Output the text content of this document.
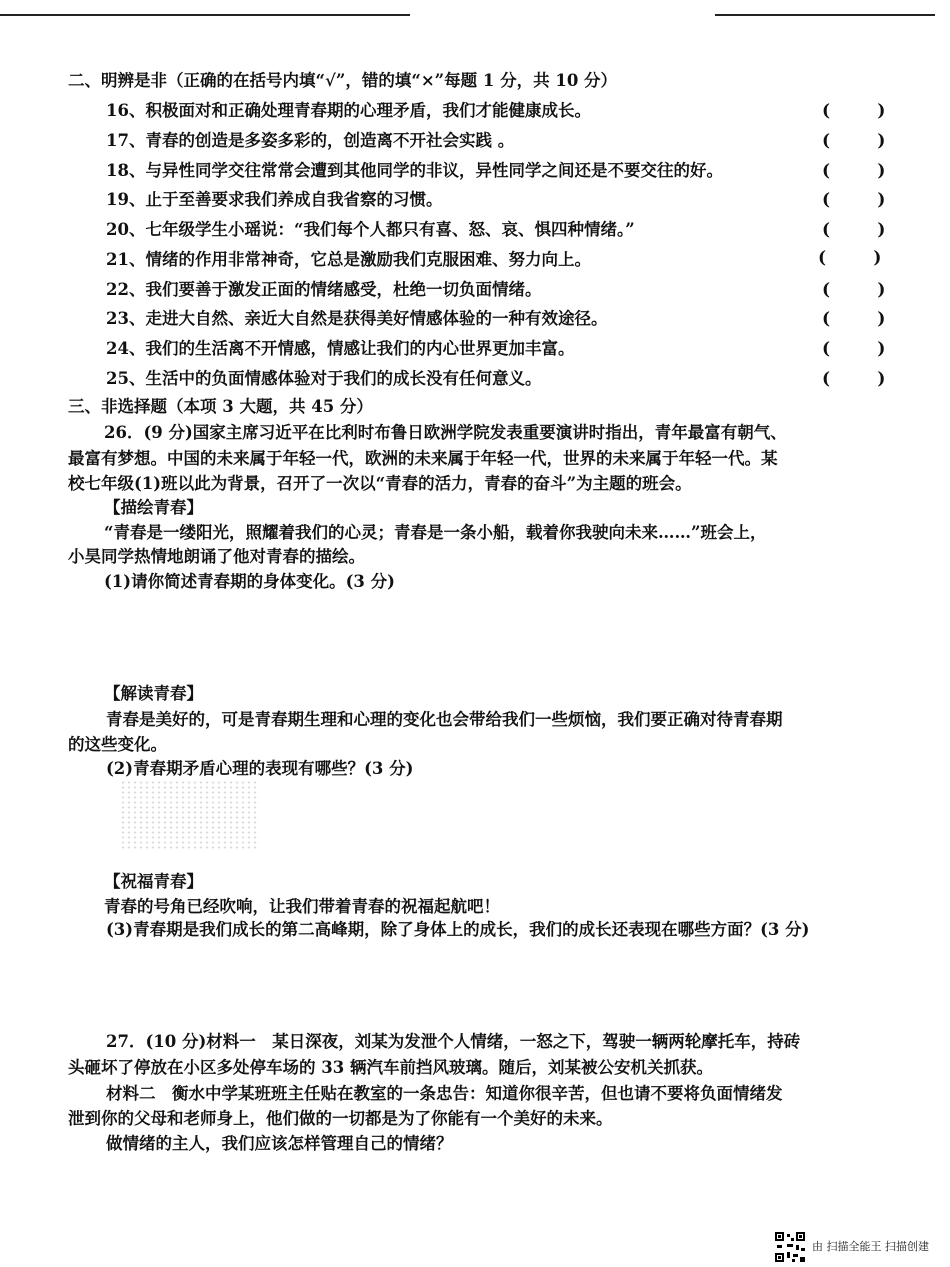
二、明辨是非（正确的在括号内填“√”，错的填“×”每题 1 分，共 10 分）
16、积极面对和正确处理青春期的心理矛盾，我们才能健康成长。	(        )
17、青春的创造是多姿多彩的，创造离不开社会实践 。	(        )
18、与异性同学交往常常会遭到其他同学的非议，异性同学之间还是不要交往的好。	(        )
19、止于至善要求我们养成自我省察的习惯。	(        )
20、七年级学生小瑶说：“我们每个人都只有喜、怒、哀、惧四种情绪。”	(        )
21、情绪的作用非常神奇，它总是激励我们克服困难、努力向上。	(        )
22、我们要善于激发正面的情绪感受，杜绝一切负面情绪。	(        )
23、走进大自然、亲近大自然是获得美好情感体验的一种有效途径。	(        )
24、我们的生活离不开情感，情感让我们的内心世界更加丰富。	(        )
25、生活中的负面情感体验对于我们的成长没有任何意义。	(        )
三、非选择题（本项 3 大题，共 45 分）
26．(9 分)国家主席习近平在比利时布鲁日欧洲学院发表重要演讲时指出，青年最富有朝气、
最富有梦想。中国的未来属于年轻一代，欧洲的未来属于年轻一代，世界的未来属于年轻一代。某
校七年级(1)班以此为背景，召开了一次以“青春的活力，青春的奋斗”为主题的班会。
【描绘青春】
“青春是一缕阳光，照耀着我们的心灵；青春是一条小船，载着你我驶向未来……”班会上，
小昊同学热情地朗诵了他对青春的描绘。
(1)请你简述青春期的身体变化。(3 分)
【解读青春】
青春是美好的，可是青春期生理和心理的变化也会带给我们一些烦恼，我们要正确对待青春期
的这些变化。
(2)青春期矛盾心理的表现有哪些？(3 分)
【祝福青春】
青春的号角已经吹响，让我们带着青春的祝福起航吧！
(3)青春期是我们成长的第二高峰期，除了身体上的成长，我们的成长还表现在哪些方面？(3 分)
27．(10 分)材料一　某日深夜，刘某为发泄个人情绪，一怒之下，驾驶一辆两轮摩托车，持砖
头砸坏了停放在小区多处停车场的 33 辆汽车前挡风玻璃。随后，刘某被公安机关抓获。
材料二　衡水中学某班班主任贴在教室的一条忠告：知道你很辛苦，但也请不要将负面情绪发
泄到你的父母和老师身上，他们做的一切都是为了你能有一个美好的未来。
做情绪的主人，我们应该怎样管理自己的情绪？
由 扫描全能王 扫描创建
